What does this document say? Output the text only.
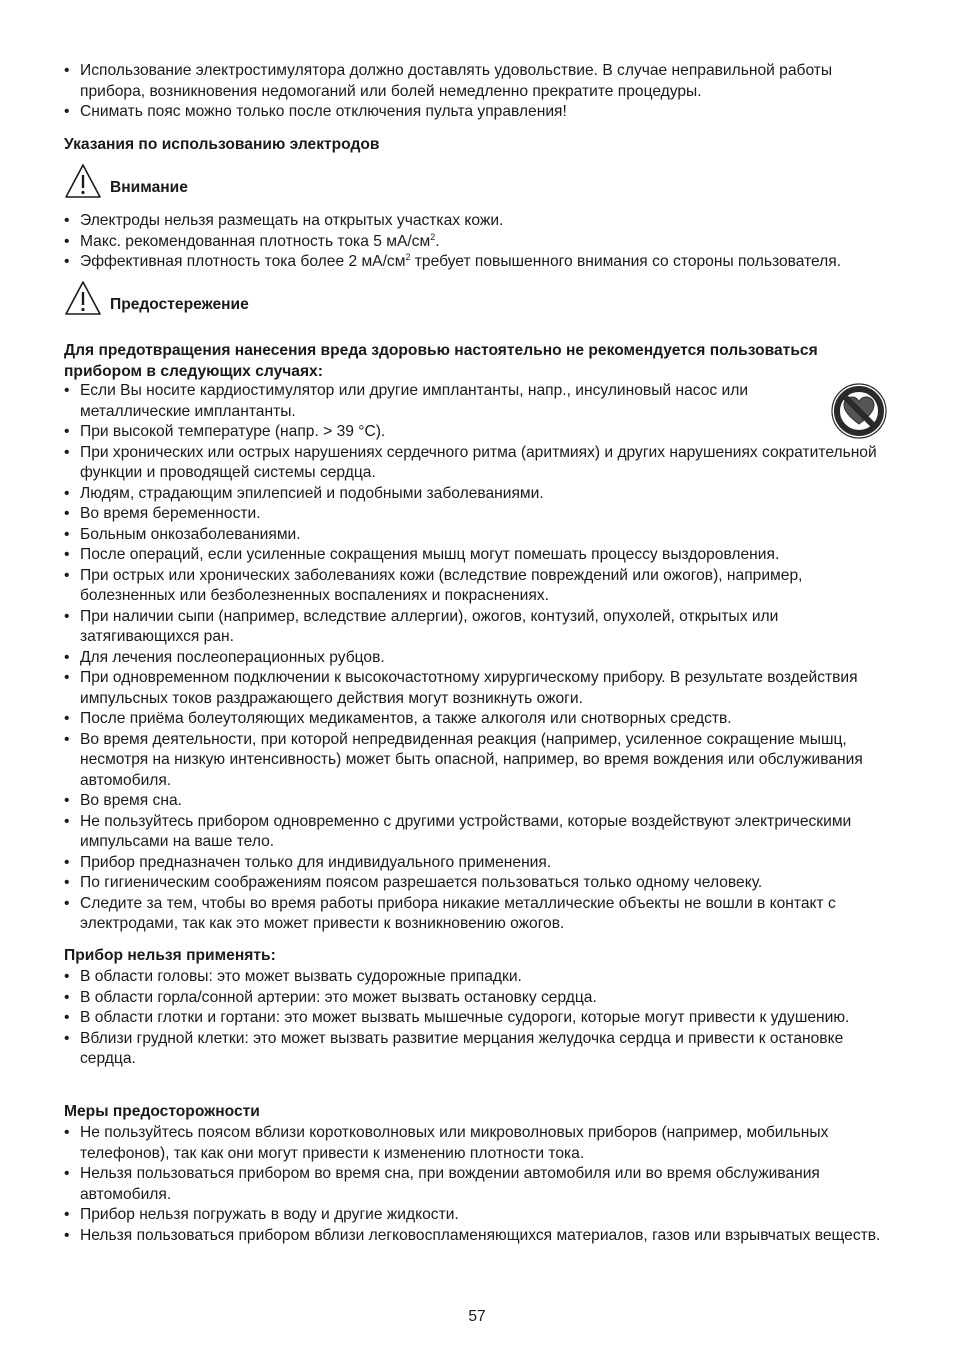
• Использование электростимулятора должно доставлять удовольствие. В случае неправильной работы прибора, возникновения недомоганий или болей немедленно прекратите процедуры.
• Снимать пояс можно только после отключения пульта управления!
Указания по использованию электродов
Внимание
• Электроды нельзя размещать на открытых участках кожи.
• Макс. рекомендованная плотность тока 5 $мА/см^2$.
• Эффективная плотность тока более 2 $мА/см^2$ требует повышенного внимания со стороны пользователя.
Предостережение
Для предотвращения нанесения вреда здоровью настоятельно не рекомендуется пользоваться прибором в следующих случаях:
• Если Вы носите кардиостимулятор или другие имплантанты, напр., инсулиновый насос или металлические имплантанты.
• При высокой температуре (напр. > 39 °C).
• При хронических или острых нарушениях сердечного ритма (аритмиях) и других нарушениях сократительной функции и проводящей системы сердца.
• Людям, страдающим эпилепсией и подобными заболеваниями.
• Во время беременности.
• Больным онкозаболеваниями.
• После операций, если усиленные сокращения мышц могут помешать процессу выздоровления.
• При острых или хронических заболеваниях кожи (вследствие повреждений или ожогов), например, болезненных или безболезненных воспалениях и покраснениях.
• При наличии сыпи (например, вследствие аллергии), ожогов, контузий, опухолей, открытых или затягивающихся ран.
• Для лечения послеоперационных рубцов.
• При одновременном подключении к высокочастотному хирургическому прибору. В результате воздействия импульсных токов раздражающего действия могут возникнуть ожоги.
• После приёма болеутоляющих медикаментов, а также алкоголя или снотворных средств.
• Во время деятельности, при которой непредвиденная реакция (например, усиленное сокращение мышц, несмотря на низкую интенсивность) может быть опасной, например, во время вождения или обслуживания автомобиля.
• Во время сна.
• Не пользуйтесь прибором одновременно с другими устройствами, которые воздействуют электрическими импульсами на ваше тело.
• Прибор предназначен только для индивидуального применения.
• По гигиеническим соображениям поясом разрешается пользоваться только одному человеку.
• Следите за тем, чтобы во время работы прибора никакие металлические объекты не вошли в контакт с электродами, так как это может привести к возникновению ожогов.
Прибор нельзя применять:
• В области головы: это может вызвать судорожные припадки.
• В области горла/сонной артерии: это может вызвать остановку сердца.
• В области глотки и гортани: это может вызвать мышечные судороги, которые могут привести к удушению.
• Вблизи грудной клетки: это может вызвать развитие мерцания желудочка сердца и привести к остановке сердца.
Меры предосторожности
• Не пользуйтесь поясом вблизи коротковолновых или микроволновых приборов (например, мобильных телефонов), так как они могут привести к изменению плотности тока.
• Нельзя пользоваться прибором во время сна, при вождении автомобиля или во время обслуживания автомобиля.
• Прибор нельзя погружать в воду и другие жидкости.
• Нельзя пользоваться прибором вблизи легковоспламеняющихся материалов, газов или взрывчатых веществ.
57
